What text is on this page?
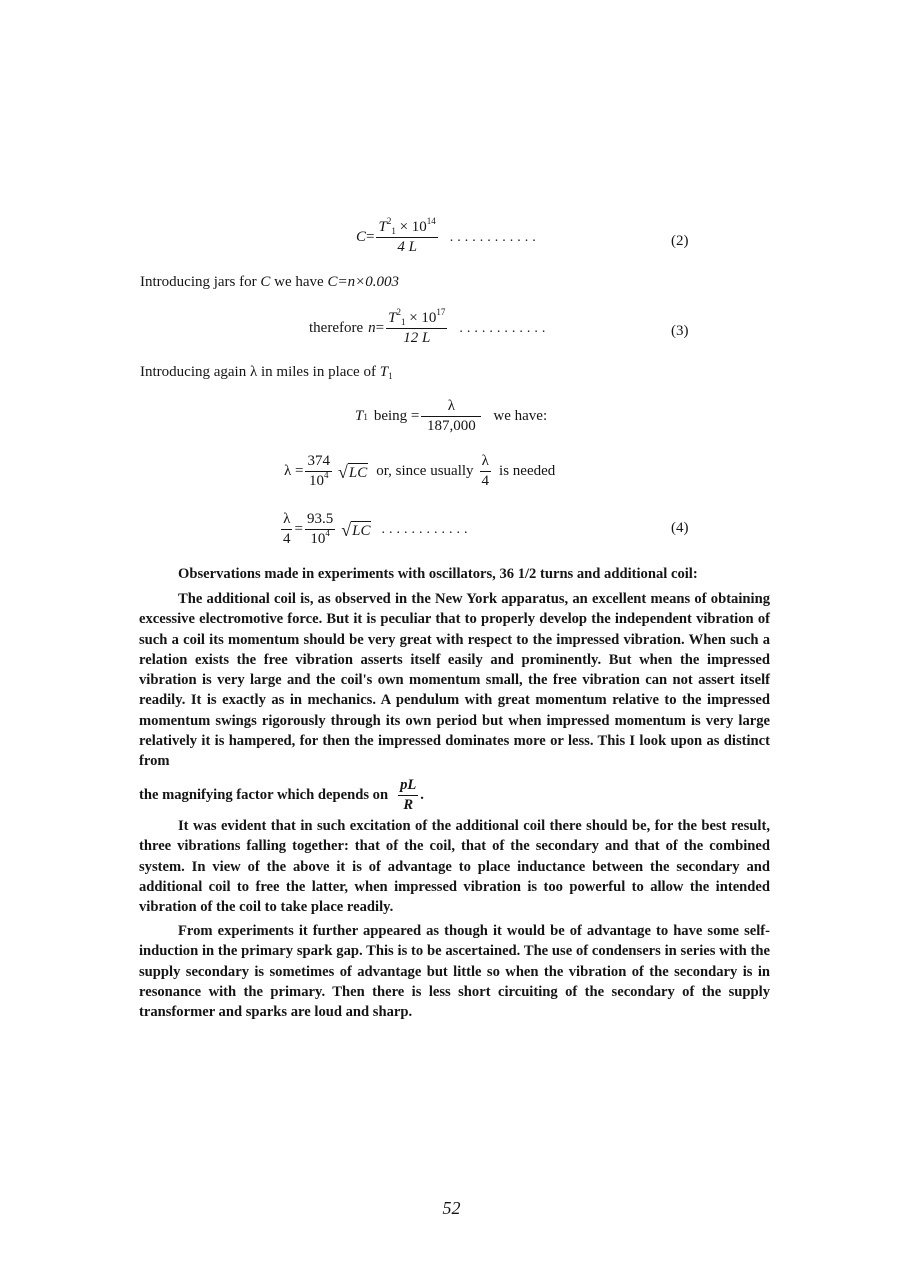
$C = \frac{T^2_1 \times 10^{14}}{4 L}$ ............	(2)
Introducing jars for C we have C=n×0.003
therefore $n = \frac{T^2_1 \times 10^{17}}{12 L}$ ............	(3)
Introducing again λ in miles in place of $T_1$
T 1 being = $\frac{\lambda}{187,000}$ we have:
$\lambda = \frac{374}{10^4}$ √ LC or, since usually $\frac{\lambda}{4}$ is needed
$\frac{\lambda}{4} = \frac{93.5}{10^4}$ √ LC ............	(4)
Observations made in experiments with oscillators, 36 1/2 turns and additional coil:

The additional coil is, as observed in the New York apparatus, an excellent means of obtaining excessive electromotive force. But it is peculiar that to properly develop the independent vibration of such a coil its momentum should be very great with respect to the impressed vibration. When such a relation exists the free vibration asserts itself easily and prominently. But when the impressed vibration is very large and the coil's own momentum small, the free vibration can not assert itself readily. It is exactly as in mechanics. A pendulum with great momentum relative to the impressed momentum swings rigorously through its own period but when impressed momentum is very large relatively it is hampered, for then the impressed dominates more or less. This I look upon as distinct from

the magnifying factor which depends on $\frac{pL}{R}$ .

It was evident that in such excitation of the additional coil there should be, for the best result, three vibrations falling together: that of the coil, that of the secondary and that of the combined system. In view of the above it is of advantage to place inductance between the secondary and additional coil to free the latter, when impressed vibration is too powerful to allow the intended vibration of the coil to take place readily.

From experiments it further appeared as though it would be of advantage to have some self-induction in the primary spark gap. This is to be ascertained. The use of condensers in series with the supply secondary is sometimes of advantage but little so when the vibration of the secondary is in resonance with the primary. Then there is less short circuiting of the secondary of the supply transformer and sparks are loud and sharp.

52
